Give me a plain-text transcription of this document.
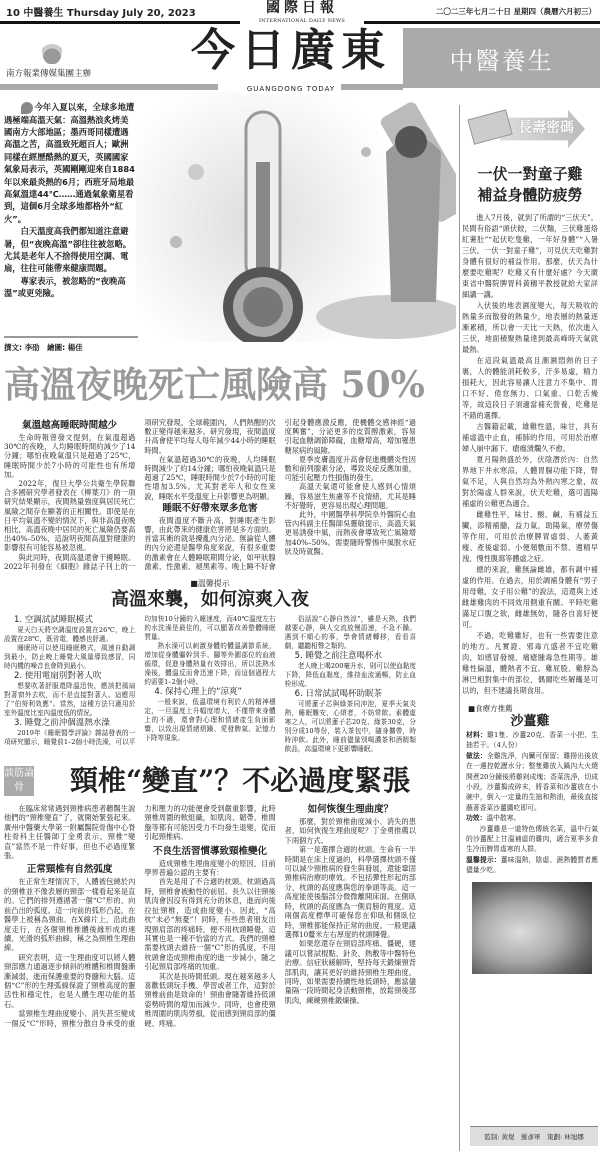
10 中醫養生 Thursday July 20, 2023	二〇二三年七月二十日 星期四（農曆六月初三）
國際日報
INTERNATIONAL DAILY NEWS
南方報業傳媒集團主辦	今日廣東
GUANGDONG TODAY
中醫養生

今年入夏以來，全球多地遭遇極端高溫天氣：高溫熱浪炙烤美國南方大部地區；墨西哥同樣遭遇高溫之苦，高溫致死超百人；歐洲同樣在經歷酷熱的夏天，英國國家氣象局表示，英國剛剛迎來自1884年以來最炎熱的6月；西班牙局地最高氣溫達44℃……通過氣象衛星看到，這個6月全球多地都格外“紅火”。

白天溫度高我們都知道注意避暑，但“夜晚高溫”卻往往被忽略。尤其是老年人不捨得使用空調、電扇，往往可能帶來健康問題。

專家表示，被忽略的“夜晚高溫”或更兇險。

撰文: 李劭　繪圖: 楊佳
高溫夜晚死亡風險高 50%
氣溫越高睡眠時間越少

生命時報曾發文提到，在氣溫超過30℃的夜晚，人均睡眠時間約減少了14分鐘；哪怕夜晚氣溫只是超過了25℃，睡眠時間少於7小時的可能性也有所增加。

2022年，復旦大學公共衛生學院聯合多國研究學者發表在《柳葉刀》的一項研究結果顯示，夜間熱量強度與居民死亡風險之間存在顯著的正相關性。即使是在日平均氣溫不變的情況下，與非高溫夜晚相比，高溫夜晚中居民的死亡風險仍要高出40%–50%，這說明夜間高溫對健康的影響很有可能容易被忽視。

與此同時，夜間高溫還會干擾睡眠。2022年刊發在《細胞》雜誌子刊上的一項研究發現，全球範圍內，人們熱醒的次數正變得越來越多。研究發現，夜間溫度升高會使平均每人每年減少44小時的睡眠時間。

在氣溫超過30℃的夜晚，人均睡眠時間減少了約14分鐘；哪怕夜晚氣溫只是超過了25℃，睡眠時間少於7小時的可能性增加3.5%。尤其對老年人和女性來說，睡眠水平受溫度上升影響更為明顯。

睡眠不好帶來眾多危害

夜間溫度不斷升高，對睡眠產生影響，由此帶來的健康危害將是多方面的。首當其衝的就是擾亂內分泌。無論從人體的內分泌還是醫學角度來說，有很多重要的激素會在人體睡眠期間分泌，如甲狀腺激素、性激素、褪黑素等。晚上睡不好會引起身體應激反應，使機體交感神經“過度興奮”，分泌更多的皮質醇激素，容易引起血糖調節障礙，血糖增高，增加罹患糖尿病的風險。

夏季皮膚溫度升高會促進機體炎性因數和前列腺素分泌，導致炎症反應加重，可能引起壓力性損傷的發生。

高溫天氣還可能會使人感到心情煩躁，容易滋生焦慮等不良情緒，尤其是睡不好覺時，更容易出現心理問題。

此外，中國醫學科學院阜外醫院心血管內科副主任醫師吳靈敏提示，高溫天氣更易誘發中風，而熱夜會導致死亡風險增加40%–50%。需要隨時警惕中風脫水症狀及時就醫。

■溫馨提示
高溫來襲，如何涼爽入夜
1. 空調試試睡眠模式

夏天白天將空調溫度設置在26℃，晚上設置在28℃，既省電，體感也舒適。

睡眠時可以使用睡眠模式，風速自動調到最小，防止晚上睡覺大風量導致感冒，同時內機的噪音也會降到最小。

2. 使用電扇別對著人吹

想要吹著舒服還降溫迅快，應該把風扇對著窗外去吹，而不是直接對著人。這應用了“伯努利效應”。當然，這種方法只適用於室外溫度比室內溫度低的情況。

3. 睡覺之前沖個溫熱水澡

2019年《睡眠醫學評論》雜誌發表的一項研究顯示，睡覺前1–2個小時洗澡，可以平均加快10分鐘的入睡速度，而40℃溫度左右的水洗澡是最佳的，可以顯著改善整體睡眠質量。

熱水澡可以刺激身體的體溫調節系統，增加從身體軀幹到手、腳等外圍部位的血液循環，促進身體熱量有效排出，所以洗熱水澡後，體溫反而會迅速下降，而這個過程大約需要1–2個小時。

4. 保持心理上的“涼爽”

一般來說，低溫環境有利於人的精神穩定，一旦溫度上升幅度增大，不僅帶來身體上的不適，還會對心理和情緒產生負面影響，以致出現情緒煩躁、愛發脾氣、記憶力下降等現象。

俗話說“心靜自然涼”，雖是天熱，我們越要心靜，與人交流放慢語速，不急不躁。遇到不順心的事，學會情緒轉移，看看喜劇，聽聽相聲之類的。

5. 睡覺之前注意喝杯水

老人晚上喝200毫升水，則可以使血黏度下降，降低血黏度，維持血流通暢，防止血栓形成。

6. 日常試試喝杯助眠茶

可將蓮子芯與綠茶同沖泡，夏季天氣炎熱，睡眠難安，心煩者，不妨常飲。素體虛寒之人，可以將蓮子芯20克、綠茶30克，分別分成10等份，裝入茶包中，隨身攜帶，時時沖飲。此外，睡前儘量別喝濃茶和酒精類飲品，高溫環境下更影響睡眠。

談筋論骨	頸椎“變直”？不必過度緊張

在臨床常常遇到頸椎病患者聽醫生說他們的“頸椎變直”了，就開始緊張起來。廣州中醫藥大學第一附屬醫院骨傷中心脊柱骨科主任醫師丁金勇表示，頸椎“變直”當然不是一件好事，但也不必過度緊張。

正常頸椎有自然弧度

在正常生理情況下，人體被包繞於內的頸椎並不像表層的頸部一樣看起來是直的。它們的排列遵循著一個“C”形的、向前凸出的弧度。這一向前的弧形凸起，在醫學上被稱為頸曲。在X線片上，沿此曲度走行，在各個頸椎椎體後緣形成的連續、光滑的弧形曲線，稱之為頸椎生理曲線。

研究表明，這一生理曲度可以將人體頸部應力通過逐步傾斜的椎體和椎間盤漸漸減弱，進而保護重要的脊髓和大腦。這個“C”形的生理弧線保證了頸椎高度的靈活性和穩定性，也是人體生理功能的基石。

當頸椎生理曲度變小、消失甚至變成一個反“C”形時，頸椎分散自身承受的重力和壓力的功能便會受到嚴重影響，此時頸椎周圍的軟組織，如肌肉、韌帶、椎間盤等都有可能因受力不均發生退變，從而引起頸椎病。

不良生活習慣導致頸椎變化

造成頸椎生理曲度變小的原因，目前學界普遍公認的主要有：

首先是用了不合適的枕頭。枕頭過高時，頸椎會被動性的前屈。長久以往頸後肌肉會因沒有得到充分的休息，進而向後拉扯頸椎，造成曲度變小。因此，“高枕”未必“無憂”！同時，有些患者朋友出現頸肩部的疼痛時，便不用枕頭睡覺，這其實也是一種不恰當的方式。我們的頸椎需要枕頭去維持一個“C”形的弧度，不用枕頭會造成頸椎曲度的進一步減小，隨之引起頸肩部疼痛的加重。

其次是長時間低頭。現在越來越多人喜歡低頭玩手機、學習或者工作，這對於頸椎前曲是致命的！頸曲會隨著維持低頭姿勢時間的增加而減少。同時，也會使頸椎周圍的肌肉勞損，從而感到頸肩部的僵硬、疼痛。

如何恢復生理曲度？

那麼，對於頸椎曲度減小、消失的患者，如何恢復生理曲度呢？丁金勇推薦以下兩個方式。

第一是選擇合適的枕頭。生命有一半時間是在床上度過的，科學選擇枕頭不僅可以減少頸椎病的發生與發展，還能鞏固頸椎病治療的療效。不包括彈性形起的部分，枕頭的高度應與您的拳頭等高。這一高度能使後腦部分微微離開床面。在側臥時，枕頭的高度應為一側肩膀的寬度。這兩個高度標準可確保您在仰臥和側臥位時，頸椎都能保持正常的曲度。一般建議選擇10釐米左右厚度的枕頭睡覺。

如果您還存在頸肩部疼痛、僵硬，建議可以嘗試棍點、針灸、熱敷等中醫特色治療。信症狀緩解時，堅持每天鍛煉頸背部肌肉，讓其更好的維持頸椎生理曲度。同時，如果需要持續性地低頭時，應當儘量隔一段時間起身活動頸椎，放鬆頸後部肌肉，練練頸椎鍛煉操。

長壽密碼
一伏一對童子雞
補益身體防疲勞

進入7月後，就到了所謂的“三伏天”。民間有俗語“頭伏餃，二伏麵，三伏雞蛋烙紅薯肚”“起伏吃隻雞，一年好身體”“入暑三伏，一伏一對童子雞”，可見伏天吃雞對身體有很好的補益作用。那麼，伏天為什麼要吃雞呢？吃雞又有什麼好處？今天廣東省中醫院脾胃科黃穗平教授就給大家詳細講一講。

入伏後的地表濕度變大，每天吸收的熱量多而散發的熱量少，地表層的熱量逐漸累積，所以會一天比一天熱，依次進入三伏，地面積聚熱量達到最高峰時天氣就最熱。

在這段氣溫最高且潮濕悶熱的日子裏，人的體能消耗較多，汗多易虛，精力損耗大，因此容易讓人注意力不集中、胃口不好、倦怠無力、口氣重、口乾舌燥等，故這段日子須適當補充營養，吃雞是不錯的選擇。

古醫籍記載，雄雞性溫，味甘，具有補虛溫中止血，補肺的作用，可用於治療婦人崩中漏下、瘡瘍潰爛久不愈。

夏月陽熱盛於外，伏陰潛於內：自然界地下井水寒涼，人體胃腸功能下降，腎氣不足，人與自然均為外熱內寒之象，故對於陽虛人群來說，伏天吃雞，選可溫陽補虛的公雞更為適合。

雌雞性平，味甘、酸、鹹，有補益五臟，添精補髓，益力氣，助陽氣，療勞傷等作用，可用於治療脾胃虛弱、人萎黃瘦、產後虛弱、小便頻數而不禁、遺精早洩、慢性腹瀉等體虛之症。

總的來說，雞無論雌雄，都有調中補虛的作用。在過去，用於調補身體有“男子用母雞，女子用公雞”的說法，這還與上述雌雄雞肉的不同效用側重有關。平時吃雞滿足口腹之欲，雌雄無妨，隨各自喜好便可。

不過，吃雞雖好，也有一些需要注意的地方。凡實證、邪毒亢盛者不宜吃雞肉，如感冒發燒、痛瘡腫毒急性期等。雄雞性偏溫，體熱者不宜。雞屁股、雞脖為淋巴相對集中的部位，偶爾吃些解饞是可以的，但不建議長期食用。

■食療方推薦
沙薑雞

材料：雞1隻、沙薑20克、香菜一小把、生抽若干。（4人份）

做法：全雞洗淨，內臟可保留；雞撈出後放在一邊控乾瀝水分；整隻雞放入鍋內大火燒開煮20分鐘後將雞剁成塊；香菜洗淨，切成小段，沙薑搗成碎末，將香菜和沙薑放在小碗中，倒入一定量的生抽和熱油，最後直接蘸著香菜沙薑醬吃即可。

功效：溫中散寒。

沙薑雞是一道特色傳統名菜，溫中行氣的沙薑配上甘溫補虛的雞肉，適合夏季多食生冷而脾胃虛寒的人群。

溫馨提示：薑味溫熱，陰虛、濕熱體質者應儘量少吃。

監制: 黃煜　羅彥軍　策劃: 林旭娜
